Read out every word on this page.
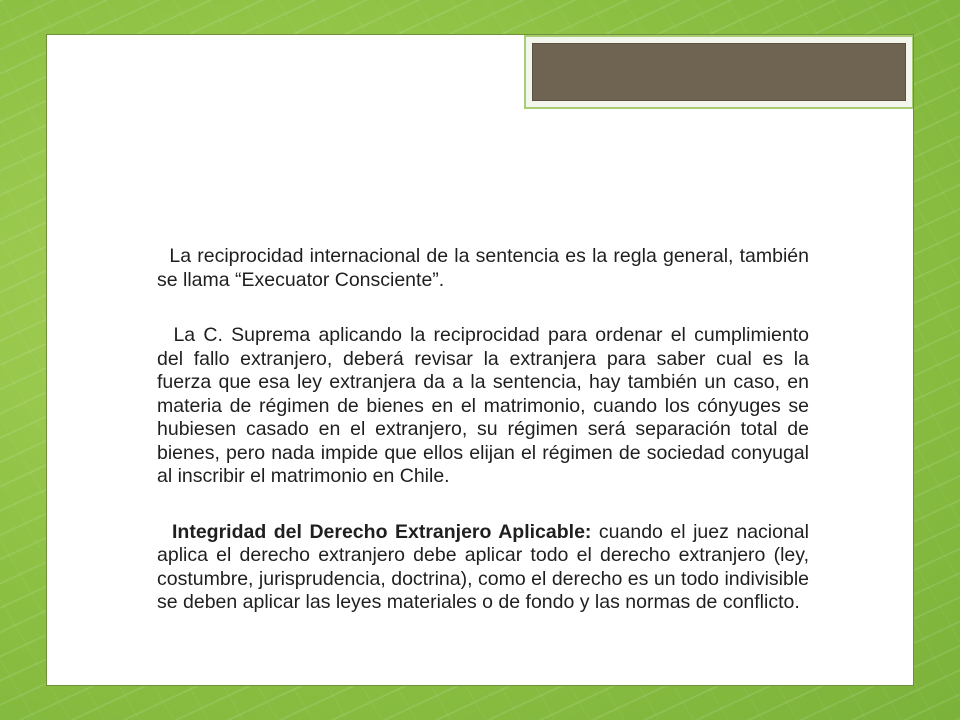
La reciprocidad internacional de la sentencia es la regla general, también se llama “Execuator Consciente”.

La C. Suprema aplicando la reciprocidad para ordenar el cumplimiento del fallo extranjero, deberá revisar la extranjera para saber cual es la fuerza que esa ley extranjera da a la sentencia, hay también un caso, en materia de régimen de bienes en el matrimonio, cuando los cónyuges se hubiesen casado en el extranjero, su régimen será separación total de bienes, pero nada impide que ellos elijan el régimen de sociedad conyugal al inscribir el matrimonio en Chile.

Integridad del Derecho Extranjero Aplicable: cuando el juez nacional aplica el derecho extranjero debe aplicar todo el derecho extranjero (ley, costumbre, jurisprudencia, doctrina), como el derecho es un todo indivisible se deben aplicar las leyes materiales o de fondo y las normas de conflicto.
